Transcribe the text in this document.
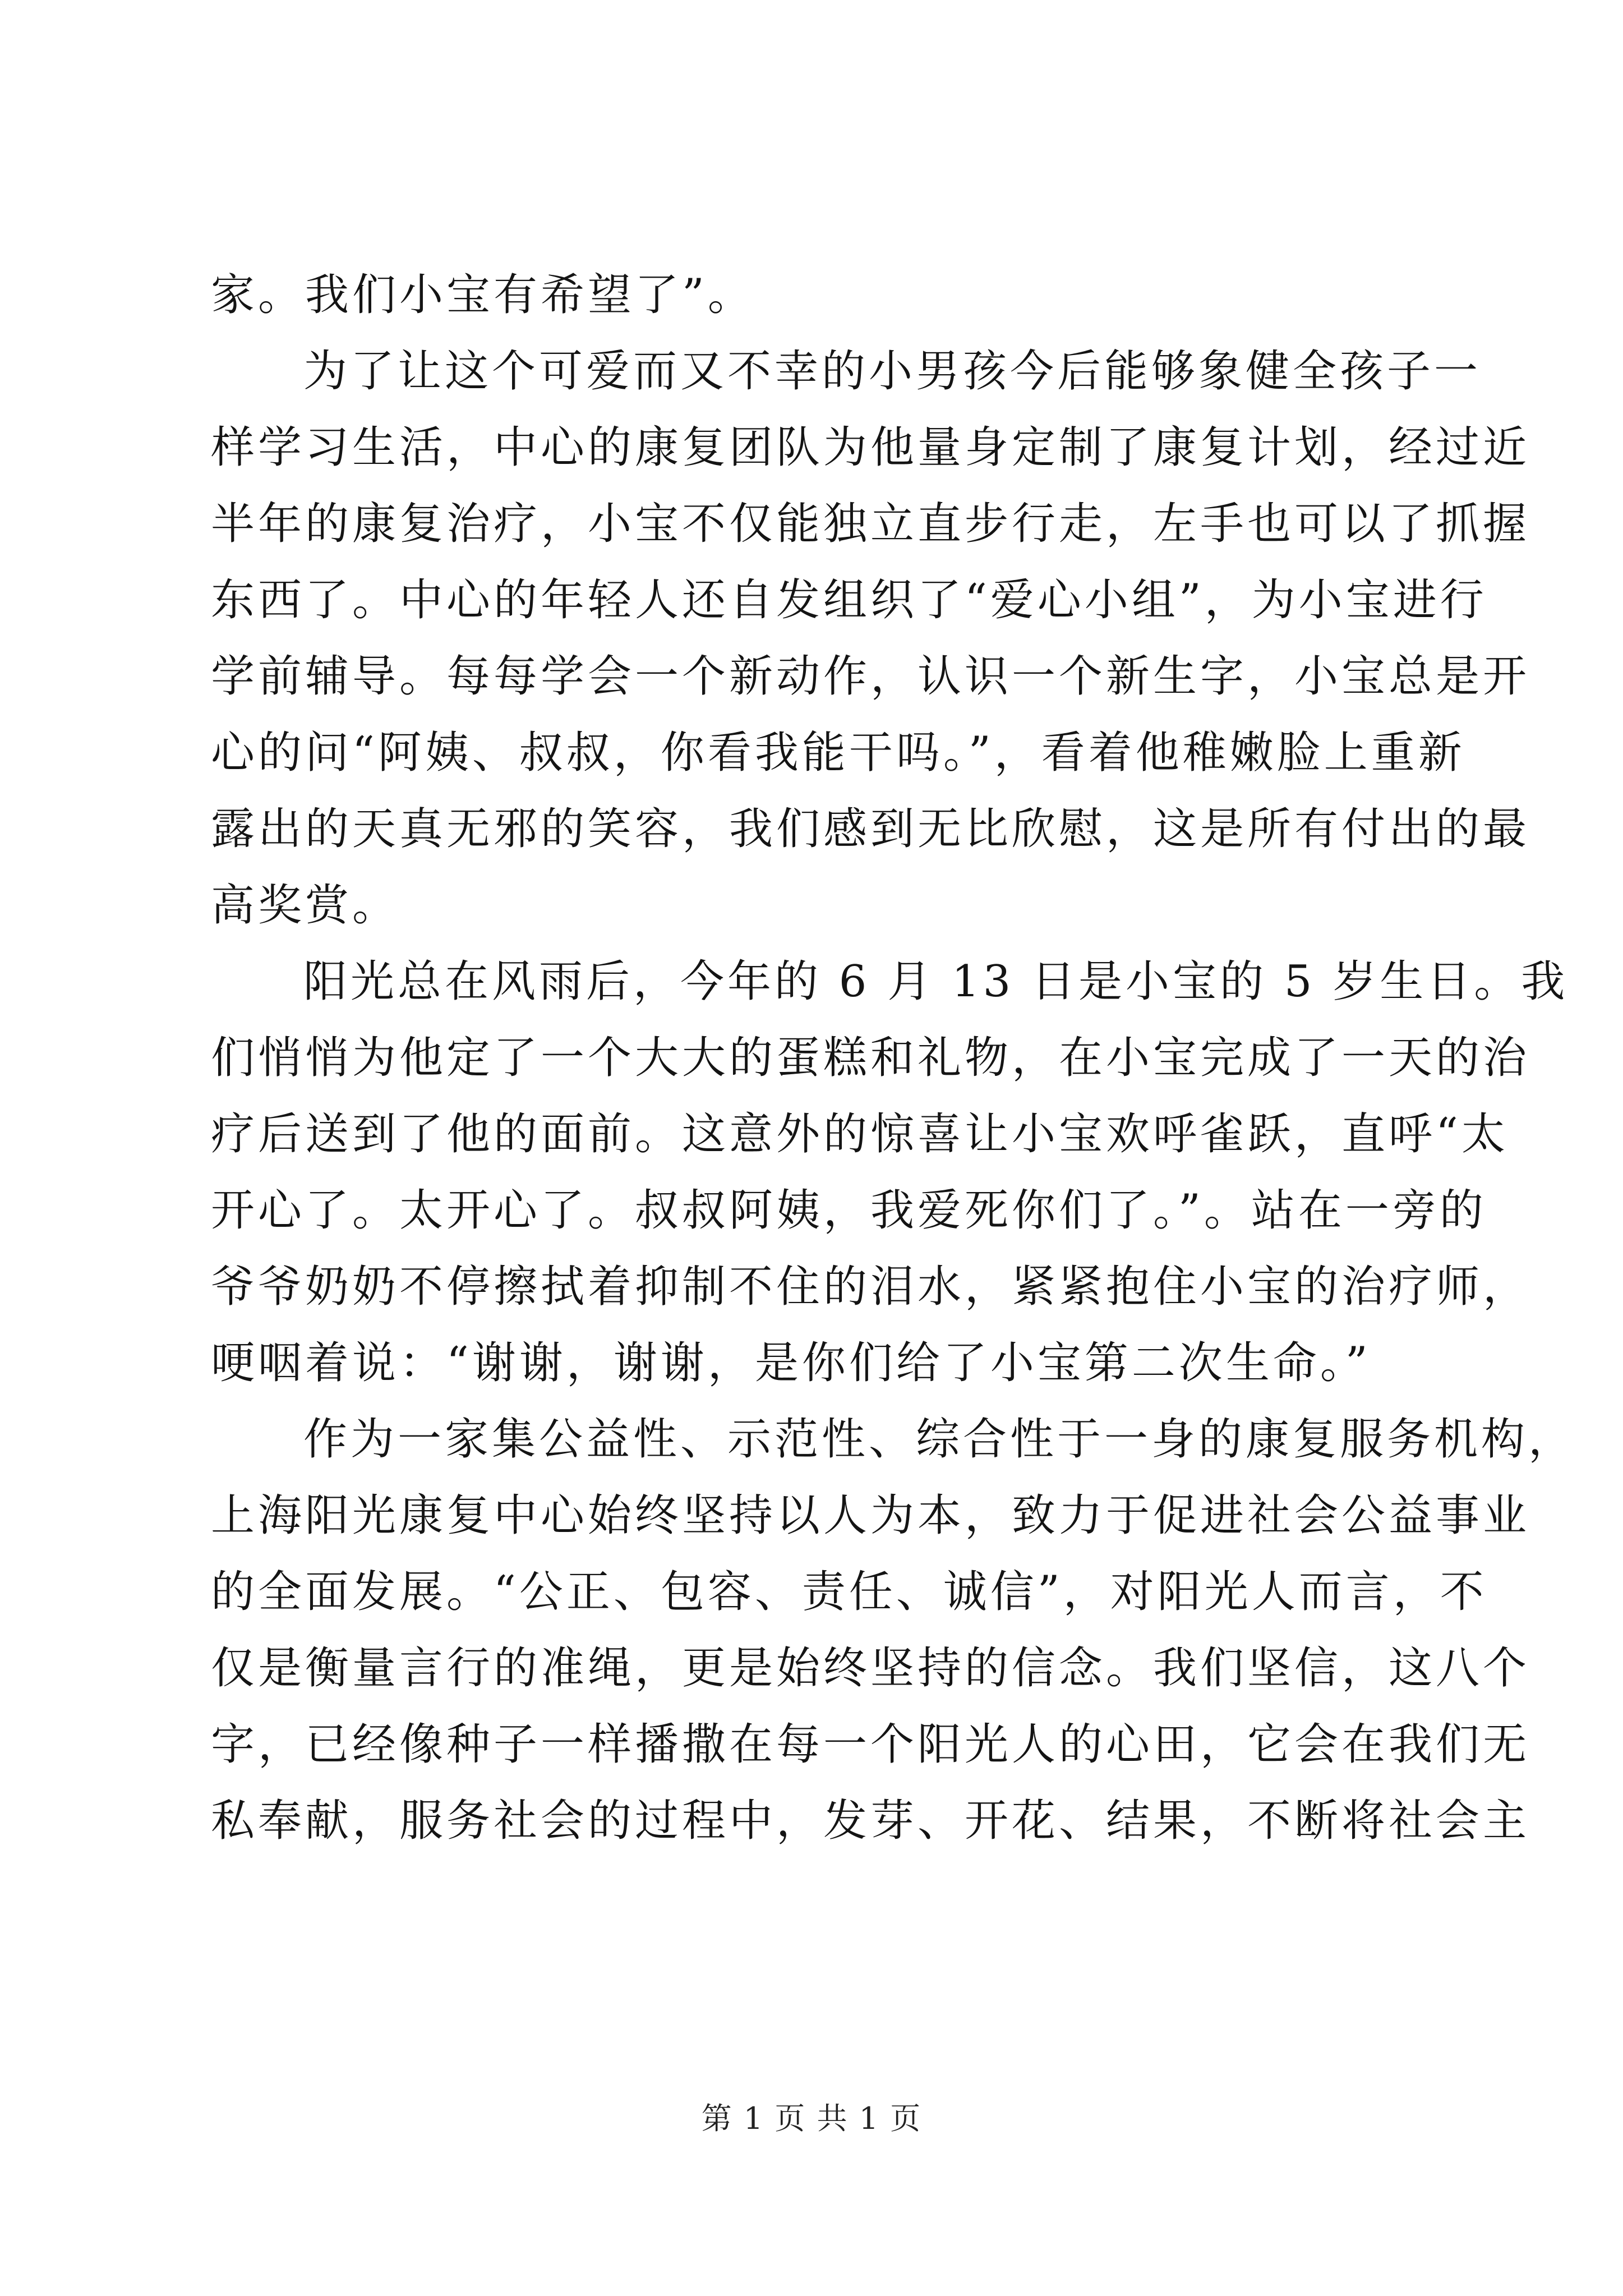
家。我们小宝有希望了”。
为了让这个可爱而又不幸的小男孩今后能够象健全孩子一
样学习生活，中心的康复团队为他量身定制了康复计划，经过近
半年的康复治疗，小宝不仅能独立直步行走，左手也可以了抓握
东西了。中心的年轻人还自发组织了“爱心小组”，为小宝进行
学前辅导。每每学会一个新动作，认识一个新生字，小宝总是开
心的问“阿姨、叔叔，你看我能干吗。”，看着他稚嫩脸上重新
露出的天真无邪的笑容，我们感到无比欣慰，这是所有付出的最
高奖赏。
阳光总在风雨后，今年的 6 月 13 日是小宝的 5 岁生日。我
们悄悄为他定了一个大大的蛋糕和礼物，在小宝完成了一天的治
疗后送到了他的面前。这意外的惊喜让小宝欢呼雀跃，直呼“太
开心了。太开心了。叔叔阿姨，我爱死你们了。”。站在一旁的
爷爷奶奶不停擦拭着抑制不住的泪水，紧紧抱住小宝的治疗师，
哽咽着说：“谢谢，谢谢，是你们给了小宝第二次生命。”
作为一家集公益性、示范性、综合性于一身的康复服务机构，
上海阳光康复中心始终坚持以人为本，致力于促进社会公益事业
的全面发展。“公正、包容、责任、诚信”，对阳光人而言，不
仅是衡量言行的准绳，更是始终坚持的信念。我们坚信，这八个
字，已经像种子一样播撒在每一个阳光人的心田，它会在我们无
私奉献，服务社会的过程中，发芽、开花、结果，不断将社会主
第 1 页 共 1 页
